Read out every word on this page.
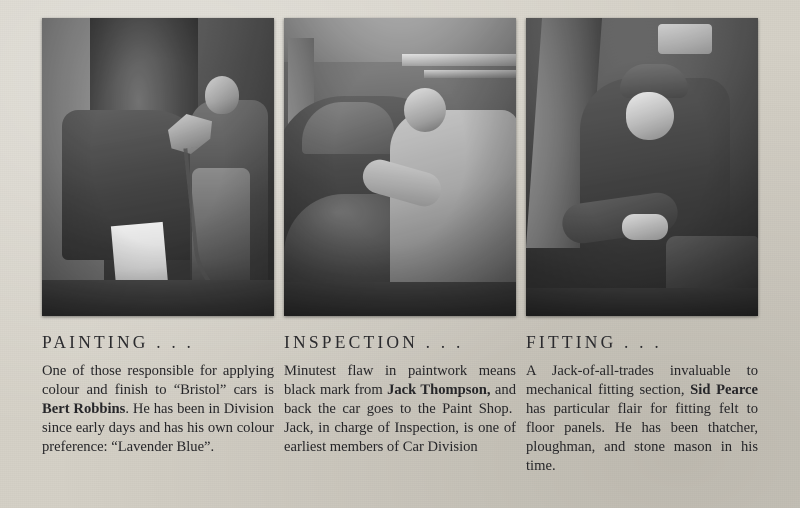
PAINTING . . .
One of those responsible for applying colour and finish to “Bristol” cars is Bert Robbins. He has been in Division since early days and has his own colour preference: “Lavender Blue”.
INSPECTION . . .
Minutest flaw in paintwork means black mark from Jack Thompson, and back the car goes to the Paint Shop.  Jack, in charge of Inspection, is one of earliest members of Car Division
FITTING . . .
A Jack-of-all-trades invaluable to mechanical fitting section, Sid Pearce has particular flair for fitting felt to floor panels. He has been thatcher, ploughman, and stone mason in his time.
